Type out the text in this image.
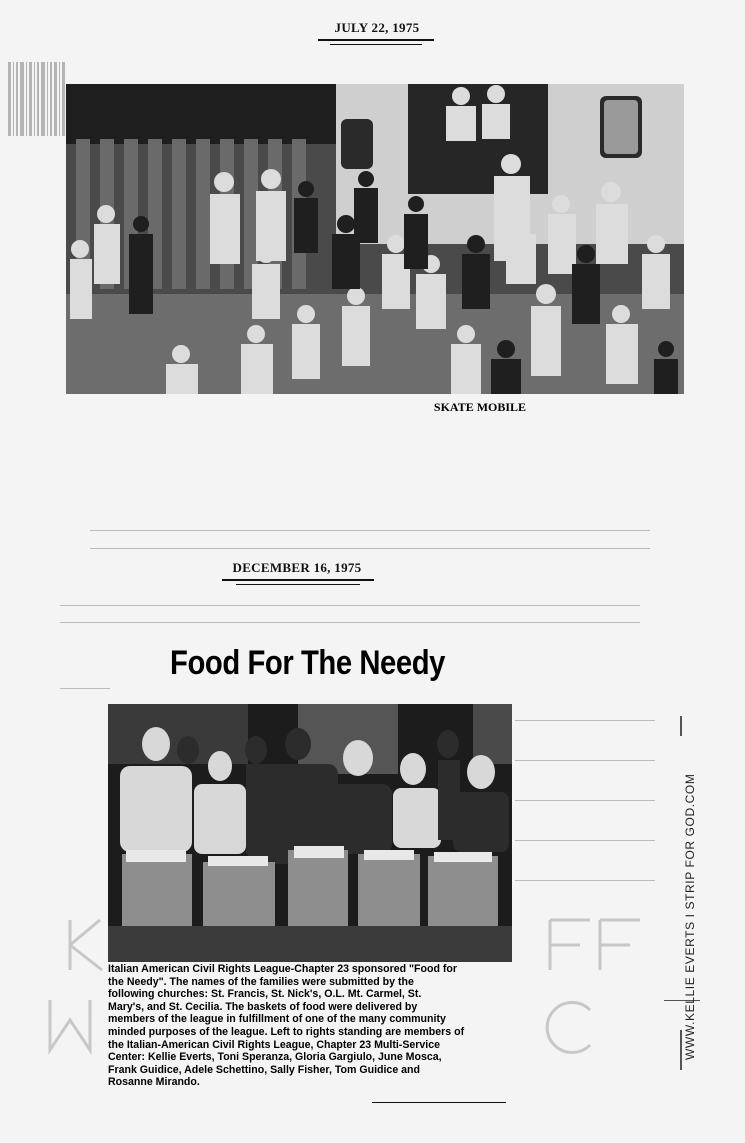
JULY 22, 1975
SKATE MOBILE
DECEMBER 16, 1975
Food For The Needy
Italian American Civil Rights League-Chapter 23 sponsored "Food for
the Needy". The names of the families were submitted by the
following churches: St. Francis, St. Nick's, O.L. Mt. Carmel, St.
Mary's, and St. Cecilia. The baskets of food were delivered by
members of the league in fulfillment of one of the many community
minded purposes of the league. Left to rights standing are members of
the Italian-American Civil Rights League, Chapter 23 Multi-Service
Center: Kellie Everts, Toni Speranza, Gloria Gargiulo, June Mosca,
Frank Guidice, Adele Schettino, Sally Fisher, Tom Guidice and
Rosanne Mirando.
WWW.KELLIE EVERTS I STRIP FOR GOD.COM
